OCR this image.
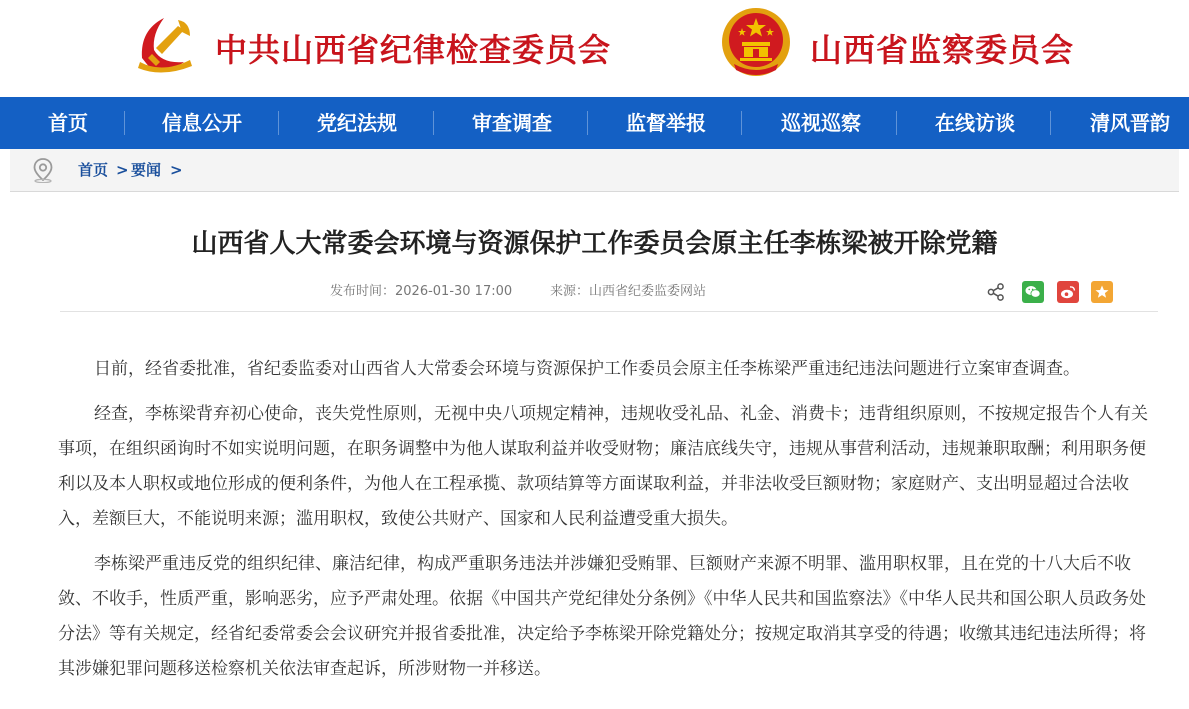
中共山西省纪律检查委员会	山西省监察委员会
首页	信息公开	党纪法规	审查调查	监督举报	巡视巡察	在线访谈	清风晋韵
首页 > 要闻 >
山西省人大常委会环境与资源保护工作委员会原主任李栋梁被开除党籍
发布时间：2026-01-30 17:00	来源：山西省纪委监委网站

日前，经省委批准，省纪委监委对山西省人大常委会环境与资源保护工作委员会原主任李栋梁严重违纪违法问题进行立案审查调查。

经查，李栋梁背弃初心使命，丧失党性原则，无视中央八项规定精神，违规收受礼品、礼金、消费卡；违背组织原则，不按规定报告个人有关事项，在组织函询时不如实说明问题，在职务调整中为他人谋取利益并收受财物；廉洁底线失守，违规从事营利活动，违规兼职取酬；利用职务便利以及本人职权或地位形成的便利条件，为他人在工程承揽、款项结算等方面谋取利益，并非法收受巨额财物；家庭财产、支出明显超过合法收入，差额巨大，不能说明来源；滥用职权，致使公共财产、国家和人民利益遭受重大损失。

李栋梁严重违反党的组织纪律、廉洁纪律，构成严重职务违法并涉嫌犯受贿罪、巨额财产来源不明罪、滥用职权罪，且在党的十八大后不收敛、不收手，性质严重，影响恶劣，应予严肃处理。依据《中国共产党纪律处分条例》《中华人民共和国监察法》《中华人民共和国公职人员政务处分法》等有关规定，经省纪委常委会会议研究并报省委批准，决定给予李栋梁开除党籍处分；按规定取消其享受的待遇；收缴其违纪违法所得；将其涉嫌犯罪问题移送检察机关依法审查起诉，所涉财物一并移送。
